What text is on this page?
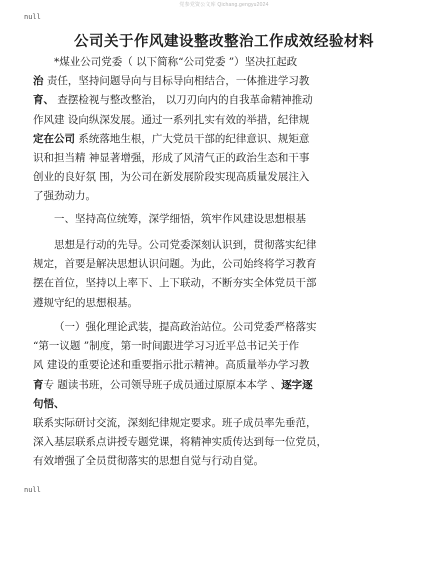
党参党资公文库 Qichang.gengyu2024
null
公司关于作风建设整改整治工作成效经验材料
*煤业公司党委（ 以下简称“公司党委 ”）坚决扛起政
治 责任，坚持问题导向与目标导向相结合，一体推进学习教
育、 查摆检视与整改整治， 以刀刃向内的自我革命精神推动
作风建 设向纵深发展。通过一系列扎实有效的举措，纪律规
定在公司 系统落地生根，广大党员干部的纪律意识、规矩意
识和担当精 神显著增强，形成了风清气正的政治生态和干事
创业的良好氛 围，为公司在新发展阶段实现高质量发展注入
了强劲动力。
一、坚持高位统筹，深学细悟，筑牢作风建设思想根基
思想是行动的先导。公司党委深刻认识到，贯彻落实纪律
规定，首要是解决思想认识问题。为此，公司始终将学习教育
摆在首位，坚持以上率下、上下联动，不断夯实全体党员干部
遵规守纪的思想根基。
（一）强化理论武装，提高政治站位。公司党委严格落实
“第一议题 ”制度，第一时间跟进学习习近平总书记关于作
风 建设的重要论述和重要指示批示精神。高质量举办学习教
育专 题读书班，公司领导班子成员通过原原本本学 、逐字逐
句悟、
联系实际研讨交流，深刻纪律规定要求。班子成员率先垂范，
深入基层联系点讲授专题党课，将精神实质传达到每一位党员，
有效增强了全员贯彻落实的思想自觉与行动自觉。
null
